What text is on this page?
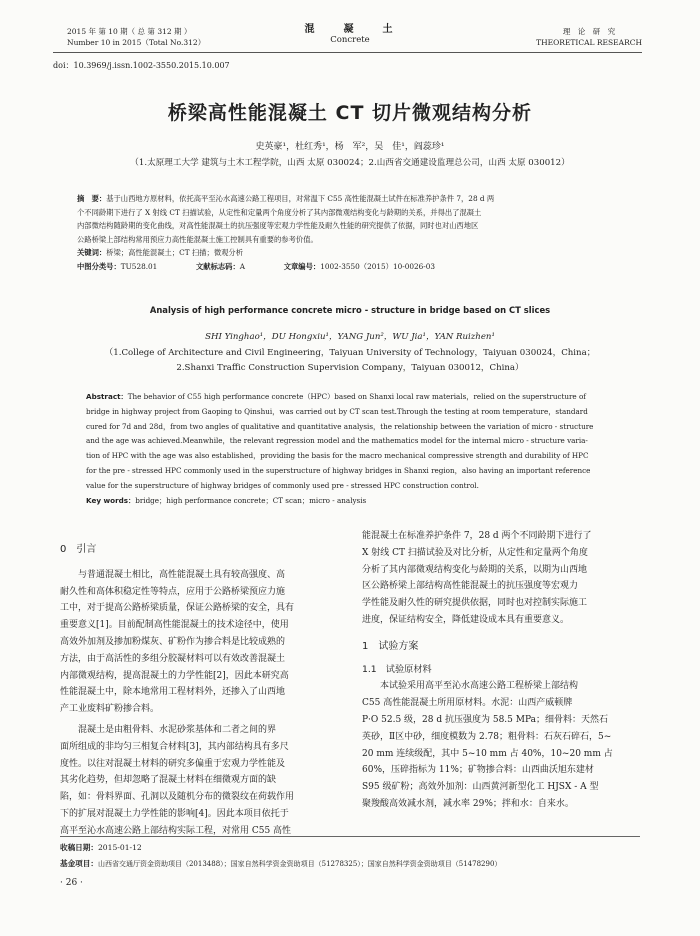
2015 年 第 10 期（ 总 第 312 期 ）
Number 10 in 2015（Total No.312）
混　　凝　　土
Concrete
理　论　研　究
THEORETICAL RESEARCH
doi：10.3969/j.issn.1002-3550.2015.10.007
桥梁高性能混凝土 CT 切片微观结构分析
史英豪¹，杜红秀¹，杨　军²，吴　佳¹，阎蕊珍¹
（1.太原理工大学 建筑与土木工程学院，山西 太原 030024；2.山西省交通建设监理总公司，山西 太原 030012）
摘　要：基于山西地方原材料，依托高平至沁水高速公路工程项目，对常温下 C55 高性能混凝土试件在标准养护条件 7，28 d 两
个不同龄期下进行了 X 射线 CT 扫描试验，从定性和定量两个角度分析了其内部微观结构变化与龄期的关系，并得出了混凝土
内部微结构随龄期的变化曲线，对高性能混凝土的抗压强度等宏观力学性能及耐久性能的研究提供了依据，同时也对山西地区
公路桥梁上部结构常用预应力高性能混凝土施工控制具有重要的参考价值。
关键词：桥梁；高性能混凝土；CT 扫描；微观分析
中图分类号：TU528.01	文献标志码：A	文章编号：1002-3550（2015）10-0026-03
Analysis of high performance concrete micro - structure in bridge based on CT slices
SHI Yinghao¹，DU Hongxiu¹，YANG Jun²，WU Jia¹，YAN Ruizhen¹
（1.College of Architecture and Civil Engineering，Taiyuan University of Technology，Taiyuan 030024，China；
2.Shanxi Traffic Construction Supervision Company，Taiyuan 030012，China）
Abstract：The behavior of C55 high performance concrete（HPC）based on Shanxi local raw materials，relied on the superstructure of
bridge in highway project from Gaoping to Qinshui，was carried out by CT scan test.Through the testing at room temperature，standard
cured for 7d and 28d，from two angles of qualitative and quantitative analysis，the relationship between the variation of micro - structure
and the age was achieved.Meanwhile，the relevant regression model and the mathematics model for the internal micro - structure varia-
tion of HPC with the age was also established，providing the basis for the macro mechanical compressive strength and durability of HPC
for the pre - stressed HPC commonly used in the superstructure of highway bridges in Shanxi region，also having an important reference
value for the superstructure of highway bridges of commonly used pre - stressed HPC construction control.
Key words：bridge；high performance concrete；CT scan；micro - analysis
0　引言
　　与普通混凝土相比，高性能混凝土具有较高强度、高
耐久性和高体积稳定性等特点，应用于公路桥梁预应力施
工中，对于提高公路桥梁质量，保证公路桥梁的安全，具有
重要意义[1]。目前配制高性能混凝土的技术途径中，使用
高效外加剂及掺加粉煤灰、矿粉作为掺合料是比较成熟的
方法，由于高活性的多组分胶凝材料可以有效改善混凝土
内部微观结构，提高混凝土的力学性能[2]，因此本研究高
性能混凝土中，除本地常用工程材料外，还掺入了山西地
产工业废料矿粉掺合料。
　　混凝土是由粗骨料、水泥砂浆基体和二者之间的界
面所组成的非均匀三相复合材料[3]，其内部结构具有多尺
度性。以往对混凝土材料的研究多偏重于宏观力学性能及
其劣化趋势，但却忽略了混凝土材料在细微观方面的缺
陷，如：骨料界面、孔洞以及随机分布的微裂纹在荷载作用
下的扩展对混凝土力学性能的影响[4]。因此本项目依托于
高平至沁水高速公路上部结构实际工程，对常用 C55 高性
能混凝土在标准养护条件 7，28 d 两个不同龄期下进行了
X 射线 CT 扫描试验及对比分析，从定性和定量两个角度
分析了其内部微观结构变化与龄期的关系，以期为山西地
区公路桥梁上部结构高性能混凝土的抗压强度等宏观力
学性能及耐久性的研究提供依据，同时也对控制实际施工
进度，保证结构安全，降低建设成本具有重要意义。
1　试验方案
1.1　试验原材料
　　本试验采用高平至沁水高速公路工程桥梁上部结构
C55 高性能混凝土所用原材料。水泥：山西产威顿牌
P·O 52.5 级，28 d 抗压强度为 58.5 MPa；细骨料：天然石
英砂，Ⅱ区中砂，细度模数为 2.78；粗骨料：石灰石碎石，5~
20 mm 连续级配，其中 5~10 mm 占 40%，10~20 mm 占
60%，压碎指标为 11%；矿物掺合料：山西曲沃旭东建材
S95 级矿粉；高效外加剂：山西黄河新型化工 HJSX - A 型
聚羧酸高效减水剂，减水率 29%；拌和水：自来水。
收稿日期：2015-01-12
基金项目：山西省交通厅资金资助项目（2013488）；国家自然科学资金资助项目（51278325）；国家自然科学资金资助项目（51478290）
· 26 ·
